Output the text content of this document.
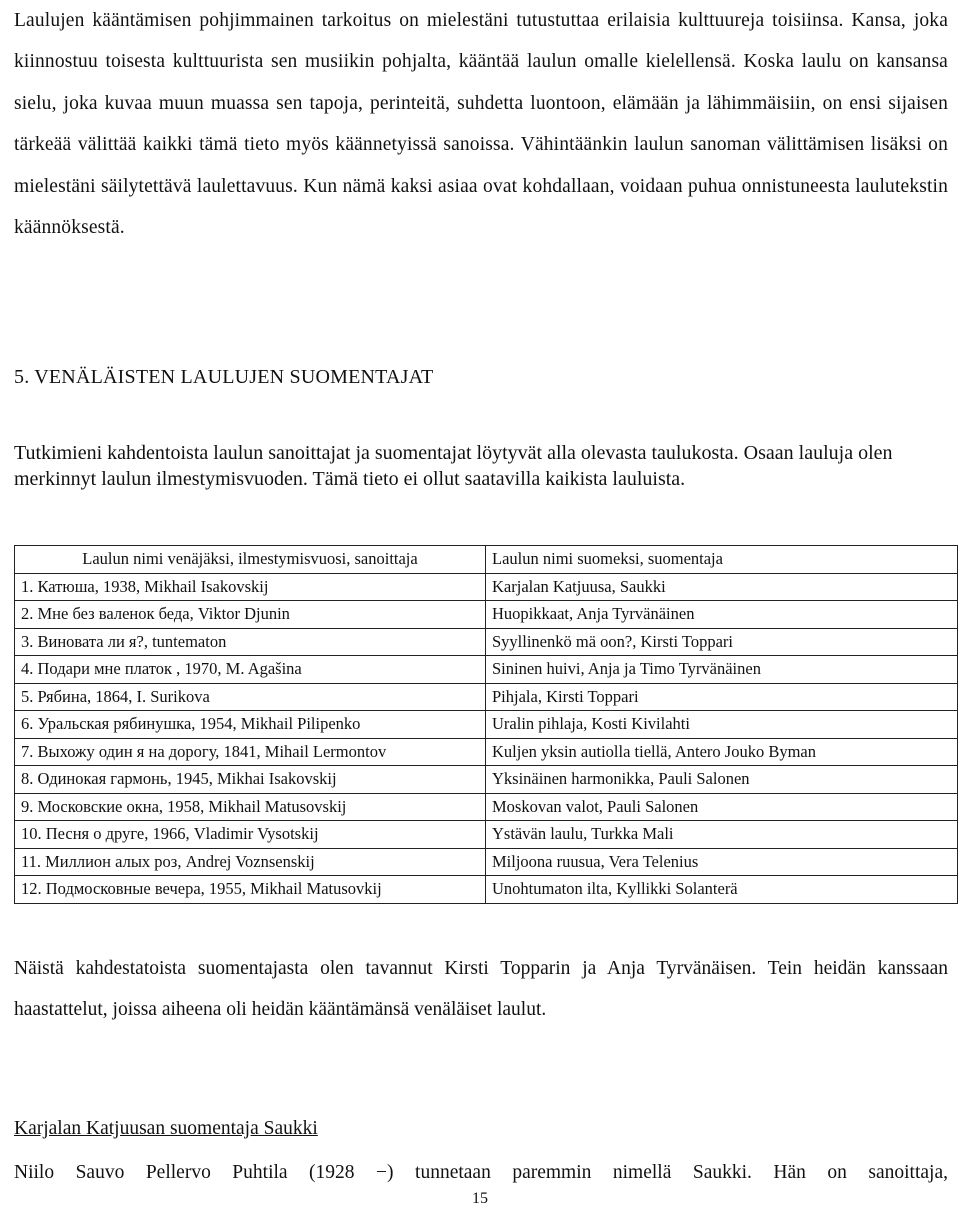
Laulujen kääntämisen pohjimmainen tarkoitus on mielestäni tutustuttaa erilaisia kulttuureja toisiinsa. Kansa, joka kiinnostuu toisesta kulttuurista sen musiikin pohjalta, kääntää laulun omalle kielellensä. Koska laulu on kansansa sielu, joka kuvaa muun muassa sen tapoja, perinteitä, suhdetta luontoon, elämään ja lähimmäisiin, on ensi sijaisen tärkeää välittää kaikki tämä tieto myös käännetyissä sanoissa. Vähintäänkin laulun sanoman välittämisen lisäksi on mielestäni säilytettävä laulettavuus. Kun nämä kaksi asiaa ovat kohdallaan, voidaan puhua onnistuneesta laulutekstin käännöksestä.

5. VENÄLÄISTEN LAULUJEN SUOMENTAJAT

Tutkimieni kahdentoista laulun sanoittajat ja suomentajat löytyvät alla olevasta taulukosta. Osaan lauluja olen merkinnyt laulun ilmestymisvuoden. Tämä tieto ei ollut saatavilla kaikista lauluista.

Laulun nimi venäjäksi, ilmestymisvuosi, sanoittaja	Laulun nimi suomeksi, suomentaja
1. Катюша, 1938, Mikhail Isakovskij	Karjalan Katjuusa, Saukki
2. Мне без валенок беда, Viktor Djunin	Huopikkaat, Anja Tyrvänäinen
3. Виновата ли я?, tuntematon	Syyllinenkö mä oon?, Kirsti Toppari
4. Подари мне платок , 1970, M. Agašina	Sininen huivi, Anja ja Timo Tyrvänäinen
5. Рябина, 1864, I. Surikova	Pihjala, Kirsti Toppari
6. Уральская рябинушка, 1954, Mikhail Pilipenko	Uralin pihlaja, Kosti Kivilahti
7. Выхожу один я на дорогу, 1841, Mihail Lermontov	Kuljen yksin autiolla tiellä, Antero Jouko Byman
8. Одинокая гармонь, 1945, Mikhai Isakovskij	Yksinäinen harmonikka, Pauli Salonen
9. Московские окна, 1958, Mikhail Matusovskij	Moskovan valot, Pauli Salonen
10. Песня о друге, 1966, Vladimir Vysotskij	Ystävän laulu, Turkka Mali
11. Миллион алых роз, Andrej Voznsenskij	Miljoona ruusua, Vera Telenius
12. Подмосковные вечера, 1955, Mikhail Matusovkij	Unohtumaton ilta, Kyllikki Solanterä

Näistä kahdestatoista suomentajasta olen tavannut Kirsti Topparin ja Anja Tyrvänäisen. Tein heidän kanssaan haastattelut, joissa aiheena oli heidän kääntämänsä venäläiset laulut.

Karjalan Katjuusan suomentaja Saukki

Niilo Sauvo Pellervo Puhtila (1928 −) tunnetaan paremmin nimellä Saukki. Hän on sanoittaja,

15
